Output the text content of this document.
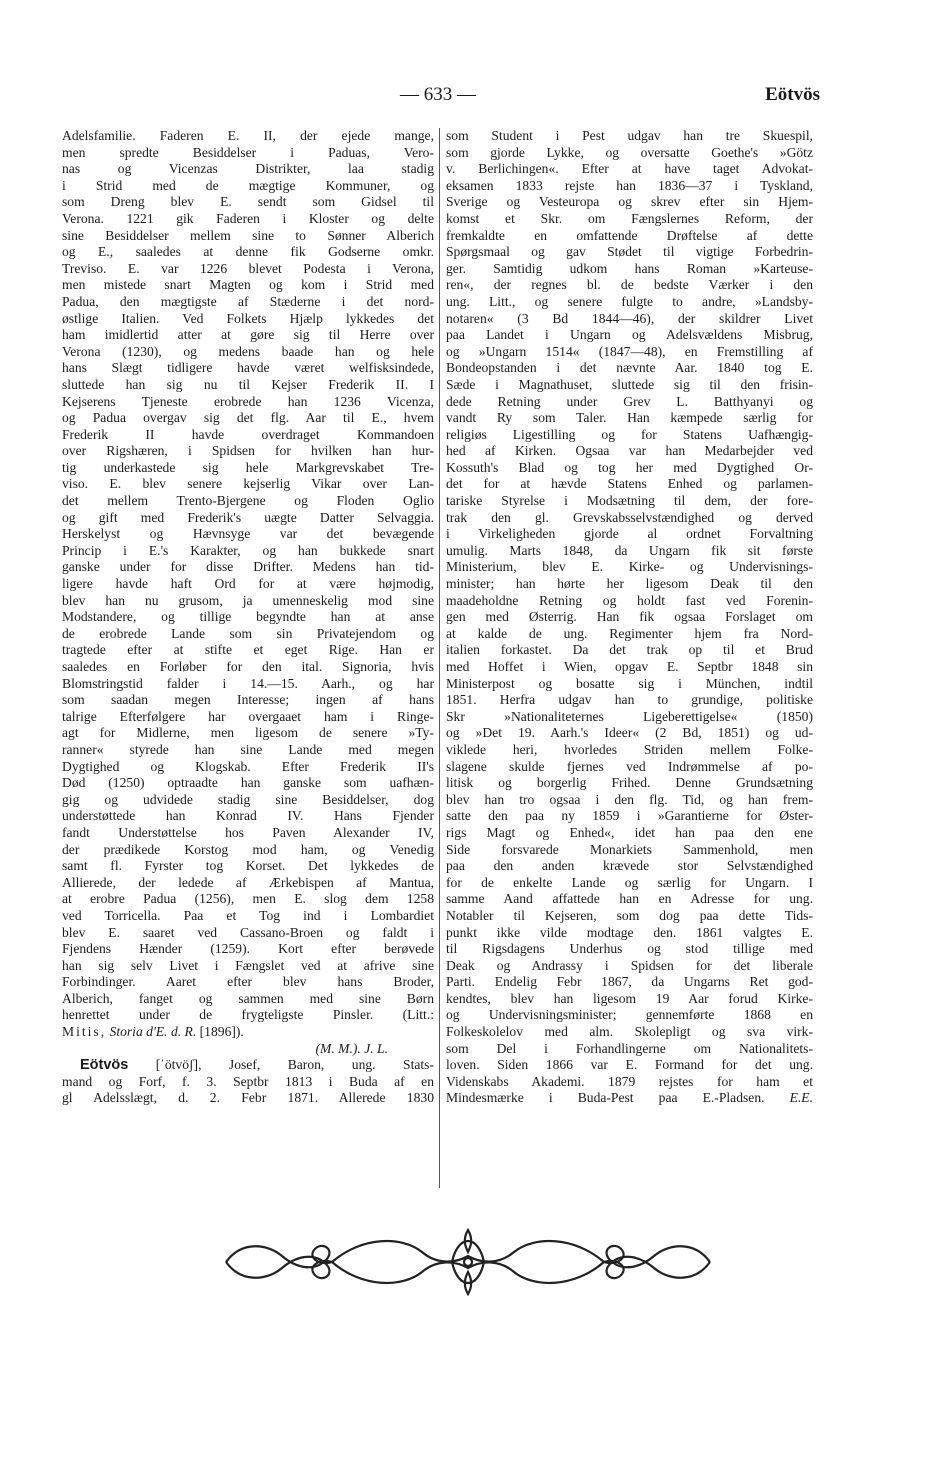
— 633 —	Eötvös
Adelsfamilie. Faderen E. II, der ejede mange,
men spredte Besiddelser i Paduas, Vero-
nas og Vicenzas Distrikter, laa stadig
i Strid med de mægtige Kommuner, og
som Dreng blev E. sendt som Gidsel til
Verona. 1221 gik Faderen i Kloster og delte
sine Besiddelser mellem sine to Sønner Alberich
og E., saaledes at denne fik Godserne omkr.
Treviso. E. var 1226 blevet Podesta i Verona,
men mistede snart Magten og kom i Strid med
Padua, den mægtigste af Stæderne i det nord-
østlige Italien. Ved Folkets Hjælp lykkedes det
ham imidlertid atter at gøre sig til Herre over
Verona (1230), og medens baade han og hele
hans Slægt tidligere havde været welfisksindede,
sluttede han sig nu til Kejser Frederik II. I
Kejserens Tjeneste erobrede han 1236 Vicenza,
og Padua overgav sig det flg. Aar til E., hvem
Frederik II havde overdraget Kommandoen
over Rigshæren, i Spidsen for hvilken han hur-
tig underkastede sig hele Markgrevskabet Tre-
viso. E. blev senere kejserlig Vikar over Lan-
det mellem Trento-Bjergene og Floden Oglio
og gift med Frederik's uægte Datter Selvaggia.
Herskelyst og Hævnsyge var det bevægende
Princip i E.'s Karakter, og han bukkede snart
ganske under for disse Drifter. Medens han tid-
ligere havde haft Ord for at være højmodig,
blev han nu grusom, ja umenneskelig mod sine
Modstandere, og tillige begyndte han at anse
de erobrede Lande som sin Privatejendom og
tragtede efter at stifte et eget Rige. Han er
saaledes en Forløber for den ital. Signoria, hvis
Blomstringstid falder i 14.—15. Aarh., og har
som saadan megen Interesse; ingen af hans
talrige Efterfølgere har overgaaet ham i Ringe-
agt for Midlerne, men ligesom de senere »Ty-
ranner« styrede han sine Lande med megen
Dygtighed og Klogskab. Efter Frederik II's
Død (1250) optraadte han ganske som uafhæn-
gig og udvidede stadig sine Besiddelser, dog
understøttede han Konrad IV. Hans Fjender
fandt Understøttelse hos Paven Alexander IV,
der prædikede Korstog mod ham, og Venedig
samt fl. Fyrster tog Korset. Det lykkedes de
Allierede, der ledede af Ærkebispen af Mantua,
at erobre Padua (1256), men E. slog dem 1258
ved Torricella. Paa et Tog ind i Lombardiet
blev E. saaret ved Cassano-Broen og faldt i
Fjendens Hænder (1259). Kort efter berøvede
han sig selv Livet i Fængslet ved at afrive sine
Forbindinger. Aaret efter blev hans Broder,
Alberich, fanget og sammen med sine Børn
henrettet under de frygteligste Pinsler. (Litt.:
Mitis, Storia d'E. d. R. [1896]).
(M. M.). J. L.
Eötvös [ˈötvöʃ], Josef, Baron, ung. Stats-
mand og Forf, f. 3. Septbr 1813 i Buda af en
gl Adelsslægt, d. 2. Febr 1871. Allerede 1830
som Student i Pest udgav han tre Skuespil,
som gjorde Lykke, og oversatte Goethe's »Götz
v. Berlichingen«. Efter at have taget Advokat-
eksamen 1833 rejste han 1836—37 i Tyskland,
Sverige og Vesteuropa og skrev efter sin Hjem-
komst et Skr. om Fængslernes Reform, der
fremkaldte en omfattende Drøftelse af dette
Spørgsmaal og gav Stødet til vigtige Forbedrin-
ger. Samtidig udkom hans Roman »Karteuse-
ren«, der regnes bl. de bedste Værker i den
ung. Litt., og senere fulgte to andre, »Landsby-
notaren« (3 Bd 1844—46), der skildrer Livet
paa Landet i Ungarn og Adelsvældens Misbrug,
og »Ungarn 1514« (1847—48), en Fremstilling af
Bondeopstanden i det nævnte Aar. 1840 tog E.
Sæde i Magnathuset, sluttede sig til den frisin-
dede Retning under Grev L. Batthyanyi og
vandt Ry som Taler. Han kæmpede særlig for
religiøs Ligestilling og for Statens Uafhængig-
hed af Kirken. Ogsaa var han Medarbejder ved
Kossuth's Blad og tog her med Dygtighed Or-
det for at hævde Statens Enhed og parlamen-
tariske Styrelse i Modsætning til dem, der fore-
trak den gl. Grevskabsselvstændighed og derved
i Virkeligheden gjorde al ordnet Forvaltning
umulig. Marts 1848, da Ungarn fik sit første
Ministerium, blev E. Kirke- og Undervisnings-
minister; han hørte her ligesom Deak til den
maadeholdne Retning og holdt fast ved Forenin-
gen med Østerrig. Han fik ogsaa Forslaget om
at kalde de ung. Regimenter hjem fra Nord-
italien forkastet. Da det trak op til et Brud
med Hoffet i Wien, opgav E. Septbr 1848 sin
Ministerpost og bosatte sig i München, indtil
1851. Herfra udgav han to grundige, politiske
Skr »Nationaliteternes Ligeberettigelse« (1850)
og »Det 19. Aarh.'s Ideer« (2 Bd, 1851) og ud-
viklede heri, hvorledes Striden mellem Folke-
slagene skulde fjernes ved Indrømmelse af po-
litisk og borgerlig Frihed. Denne Grundsætning
blev han tro ogsaa i den flg. Tid, og han frem-
satte den paa ny 1859 i »Garantierne for Øster-
rigs Magt og Enhed«, idet han paa den ene
Side forsvarede Monarkiets Sammenhold, men
paa den anden krævede stor Selvstændighed
for de enkelte Lande og særlig for Ungarn. I
samme Aand affattede han en Adresse for ung.
Notabler til Kejseren, som dog paa dette Tids-
punkt ikke vilde modtage den. 1861 valgtes E.
til Rigsdagens Underhus og stod tillige med
Deak og Andrassy i Spidsen for det liberale
Parti. Endelig Febr 1867, da Ungarns Ret god-
kendtes, blev han ligesom 19 Aar forud Kirke-
og Undervisningsminister; gennemførte 1868 en
Folkeskolelov med alm. Skolepligt og sva virk-
som Del i Forhandlingerne om Nationalitets-
loven. Siden 1866 var E. Formand for det ung.
Videnskabs Akademi. 1879 rejstes for ham et
Mindesmærke i Buda-Pest paa E.-Pladsen. E.E.
